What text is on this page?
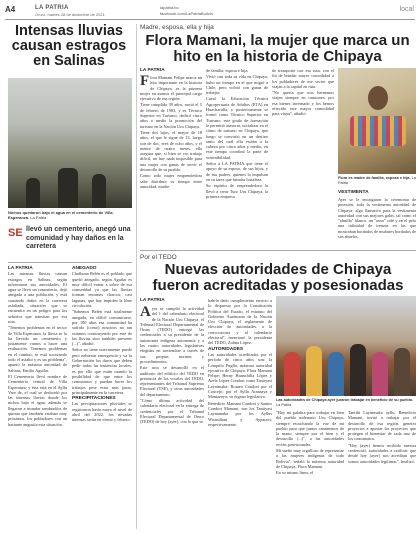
A4	LA PATRIA
Oruro, martes 28 de diciembre de 2021
lapatria.bo
facebook.com/LaPatriaBolivia
local
Intensas lluvias causan estragos en Salinas
Nichos quedaron bajo el agua en el cementerio de Villa Esperanza. La Patria
SE llevó un cementerio, anegó una comunidad y hay daños en la carretera
LA PATRIA

Las intensas lluvias causan estragos en Salinas, según informaron sus autoridades. El agua se llevó un cementerio, dejó anegada a una población, y está causando daños en la carretera asfaltada, situación que se encuentra en un peligro para los señoríos que transitan por esa ruta.

"Tenemos problemas en el sector de Villa Esperanza, la lluvia se lo ha llevado un cementerio y justamente vamos a hacer una evaluación. Tenemos problemas en el camino, se está socavando todo el asfalto y es un problema", apuntó la máxima autoridad de Salinas, Emilio Aguilar.

El Cementerio llevó nombre de Cementerio central de Villa Esperanza; y ésta está en el Ayllu Vare de, el cual se desbordó por las intensas lluvias donde los nichos bajo el agua, además se llegaron a inundar sembradíos de quinua que también estaban muy próximos, los pobladores con un bastante angustia esta situación.

ANEGADO

Challuma Belén es el poblado que quedó anegado, según Aguilar es muy difícil entrar a sobre de esa comunidad ya que las lluvias forman enormes charcos, casi lagunas, que hay impiden la libre circulación.

"Sabemos Belén está totalmente anegada, en difícil comunicarse, por 100 años esa comunidad ha sufrido (como) nosotros no tan estamos construyendo por este de las lluvias sino también prevenir (...)", añadió.

Señor no tiene nuevamente puede pero nebieron emergencia y va la Gobernación los duros que deben pedir todas las instancias locales, es por ello que están cuando la posibilidad de que entre los comunarios y puedan hacer los trabajos pese estar más junto, principalmente en la carretera.

PRECIPITACIONES

Las precipitaciones pluviales se registraron hasta mayo el nivel de abril del 2022, los nevadas intensas serán en viento y febrero.

Madre, esposa, ella y hija
Flora Mamani, la mujer que marca un hito en la historia de Chipaya
LA PATRIA
F lora Mamani Felipe marca un hito importante en la historia de Chipaya, es la primera mujer en asumir el principal cargo ejecutivo de esa región.

Tiene cumplido 39 años, nació el 5 de febrero de 1983, y es Técnico Superior en Turismo, dedicó cinco años a medio la promoción del turismo en la Nación Uru Chipaya.

Tiene dos hijos, el mayor de 18 años, el que le sigue de 13, luego son de doc, eres de ocho años, y el menor de cuatro meses, ella asegura que, si bien se vio trabajo difícil, no hay nada imposible para una mujer con ganas de servir el desarrollo de su pueblo.

Como todo mujer emprendedora sabe distribuir su tiempo entre autoridad, madre

de familia, esposa e hija.

Vivió casi toda su vida en Chipaya, hubo un tiempo en el que migró a Chile, pero volvió con ganas de trabajar.

Cursó la Educación Técnica Agropecuaria de Adultos (ETA) en Huachacalla, y posteriormente se formó como Técnico Superior en Turismo, este grado de formación le permitió asesorar, socializar en el cómo de turismo en Chipaya, que luego se convirtió en un destino tanto del cual ella estaba a la cabeza por cinco años y medio, en este tiempo coordinó la parte de sostenibilidad.

Señor a LA PATRIA que tiene el apoyo de su esposo, de sus hijos, y de sus padres, quienes la impulsan en su tarea que brindar fortaleza.

Su espíritu de emprendedora la llevó a crear Turo Uru Chipaya, la primera empresa

de transporte con esa ruta, con el fin de brindar mayor comodidad a los pobladores de ese sector que viajan a la capital en ruta.

"No quería que mis hermanos viajen siempre en camiones, por esa bienes invernado y los hemos ofrecido este mayor comodidad para viajar", añadió.

Flora es madre de familia, esposa e hija. La Patria
VESTIMENTA

Ayer se le encaigaron la ceremonia de posesión, toda la vestimenta autoridad de Chipaya; algo llamativo para la vestimenta autoridad con sus mejores galas, tal como el "almilla" blanco, un "axsu" café y en el pelo una infinidad de trenzas en las que mostraban bordados de mufones bordados de sus abuelos.

Por el TEDO
Nuevas autoridades de Chipaya fueron acreditadas y posesionadas
LA PATRIA
A yer se cumplió la actividad del 1 del calendario electoral de la Nación Uru Chipaya, el Tribunal Electoral Departamental de Oruro (TEDO) entregó las credenciales a su presidente de la autonomía indígena autonomía y a las cuatro autoridades legislativas elegidas en noviembre a través de sus propias normas y procedimientos.

Este acto se desarrolló en el auditorio del edificio del TEDO en presencia de los vocales del TEDO, representantes del Tribunal Supremo Electoral (TSE), y otras autoridades del departamento.

"Cómo última actividad del calendario electoral en la entrega de credenciales por el Tribunal Electoral Departamental de Oruro (TEDO) de hoy (ayer), con lo que se

habría dado cumplimiento estricto a lo dispuesto por la Constitución Política del Estado, el estatuto del Gobierno Autónomo de la Nación Uru Chipaya, el reglamento de elección de autoridades, a la convocatoria y al calendario electoral", mencionó la presidenta del TEDO, Zulma López.

AUTORIDADES

Las autoridades acreditadas por el periodo de cinco años son: la Lonquilo Puglla, máxima autoridad ejecutiva de Chipaya, Flora Mamani Felipe; Herny Huanchilla López y Arela López Condori como Tantiyasi Laynimaka; Romeo Condori por el Concejo; por el Ayllu Aransaya y Mantazaya; su órgano legislativo.

Benedicto Mamani Condori y Santos Condori Mamani, son los Tantiyasi Laymanaka por los Ayllus Wistrullani y Ayparavi, respectivamente.

Las autoridades de Chipaya ayer juraron trabajar en beneficio de su pueblo. La Patria

"Hoy mi palabra para trabajar en bien del pueblo milenario Uru Chipaya, siempre escuchando la voz de mi pueblo para que juntos caminemos de la mano, siempre por el bien y el desarrollo (...)", a las autoridades recién posesionadas.

Mi sueño muy orgulloso de representar a las mujeres indígenas de todo Bolivia", señaló la máxima autoridad de Chipaya, Flora Mamani.

En su mismo línea, el

Tantiñi Layinmaka ayllu, Benedicto Mamani, invitó a trabajar por el desarrollo de esa región, generar proyectos a apostar los proyectos que protegen el bienestar de cada uno de los comunarios.

"Hoy (ayer) hemos recibido nuestra credencial, autoridades a ratificar que desde hoy (ayer) nos acreditan que somos autoridades legítimas", finalizó.
